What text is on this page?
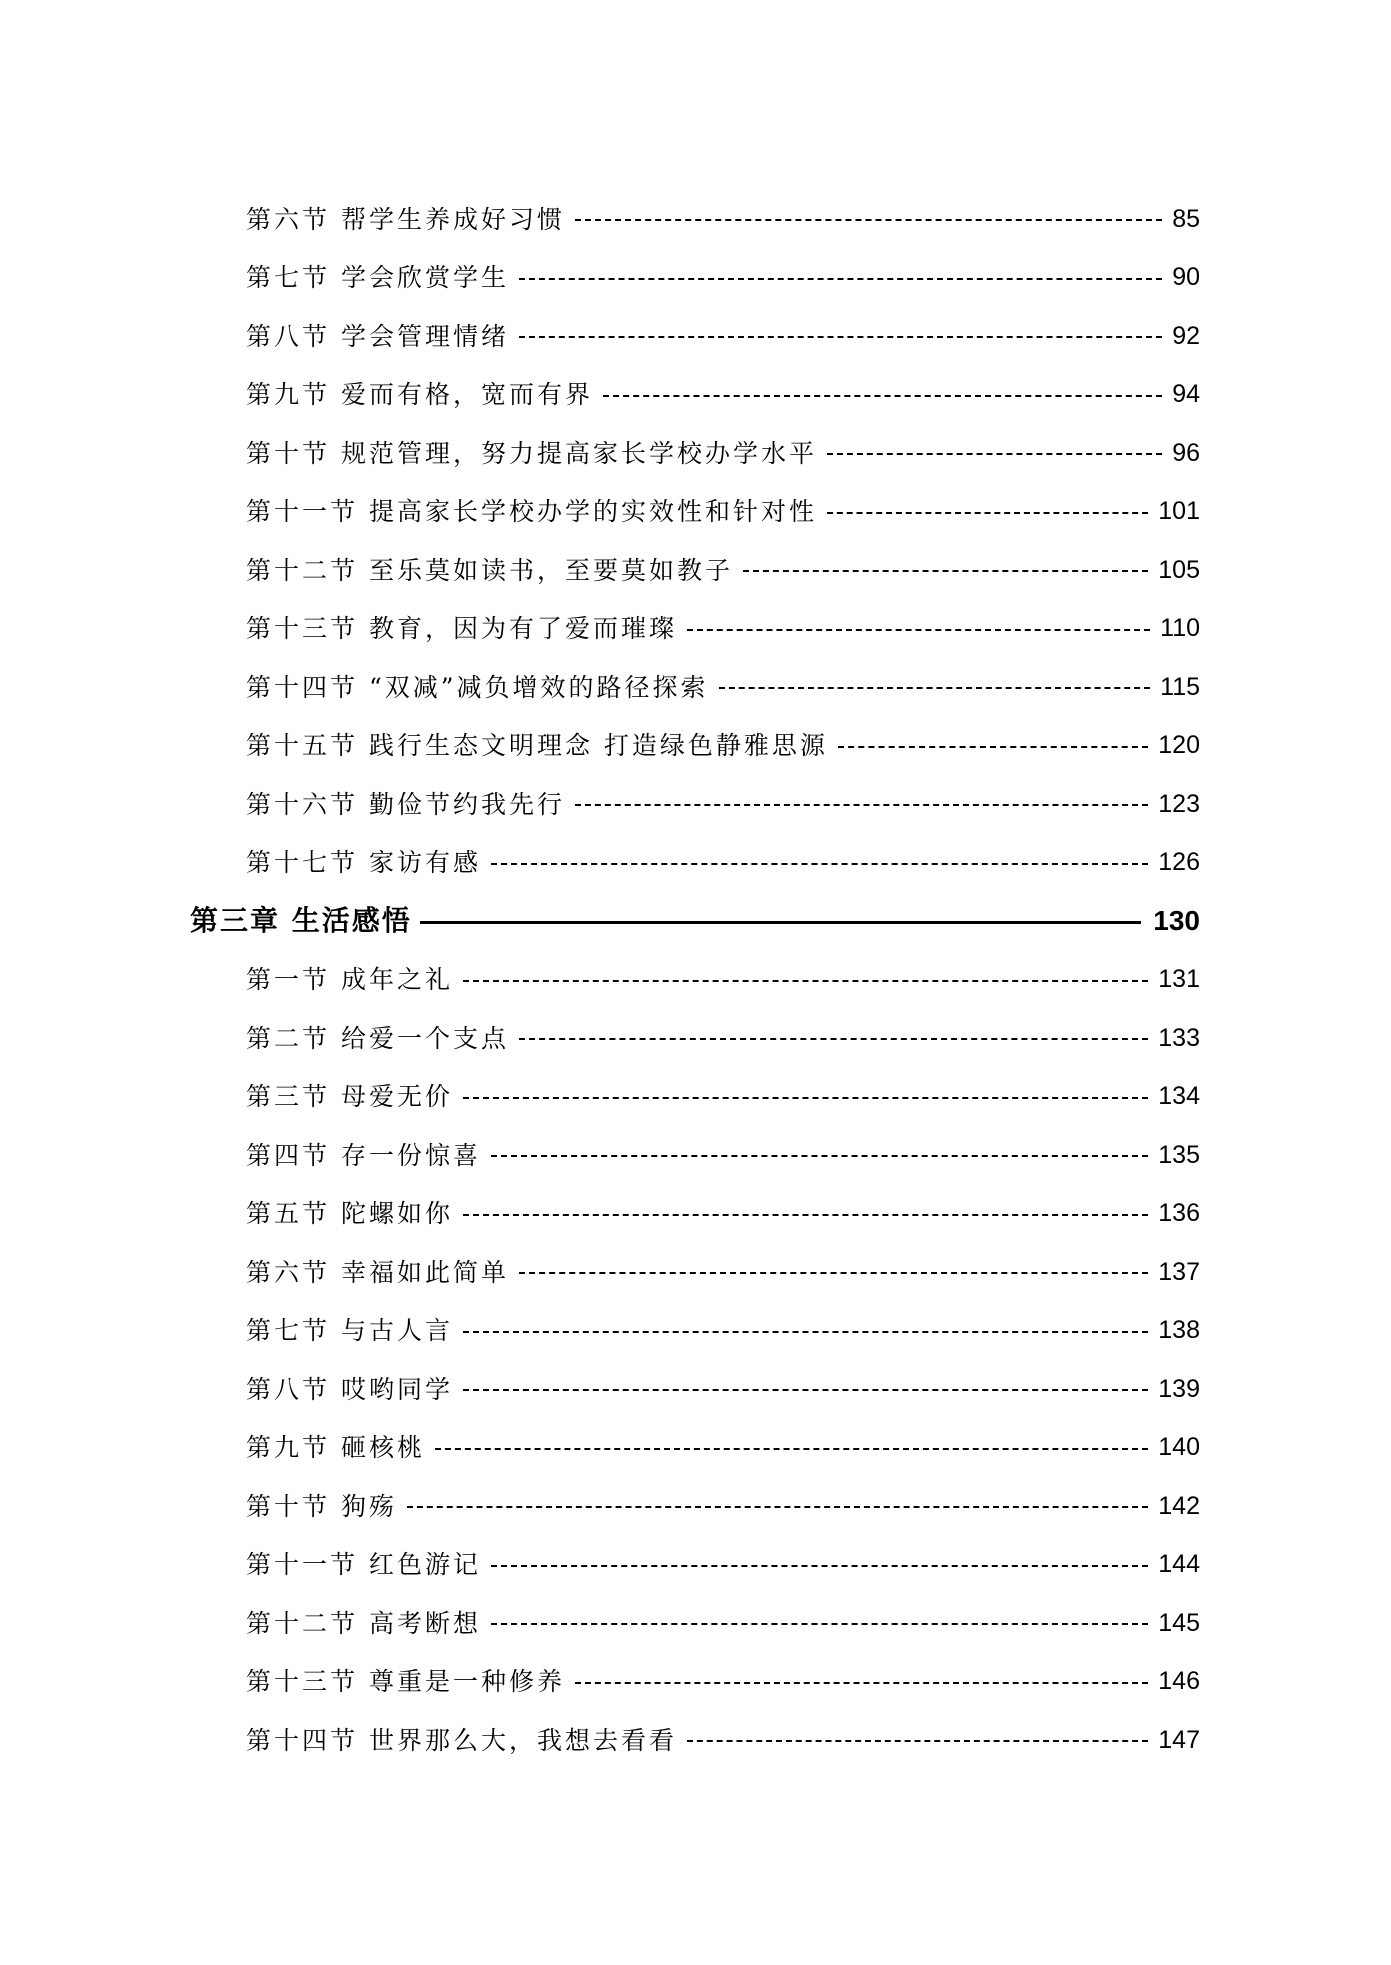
第六节 帮学生养成好习惯	85
第七节 学会欣赏学生	90
第八节 学会管理情绪	92
第九节 爱而有格，宽而有界	94
第十节 规范管理，努力提高家长学校办学水平	96
第十一节 提高家长学校办学的实效性和针对性	101
第十二节 至乐莫如读书，至要莫如教子	105
第十三节 教育，因为有了爱而璀璨	110
第十四节 “双减”减负增效的路径探索	115
第十五节 践行生态文明理念 打造绿色静雅思源	120
第十六节 勤俭节约我先行	123
第十七节 家访有感	126
第三章 生活感悟	130
第一节 成年之礼	131
第二节 给爱一个支点	133
第三节 母爱无价	134
第四节 存一份惊喜	135
第五节 陀螺如你	136
第六节 幸福如此简单	137
第七节 与古人言	138
第八节 哎哟同学	139
第九节 砸核桃	140
第十节 狗殇	142
第十一节 红色游记	144
第十二节 高考断想	145
第十三节 尊重是一种修养	146
第十四节 世界那么大，我想去看看	147
